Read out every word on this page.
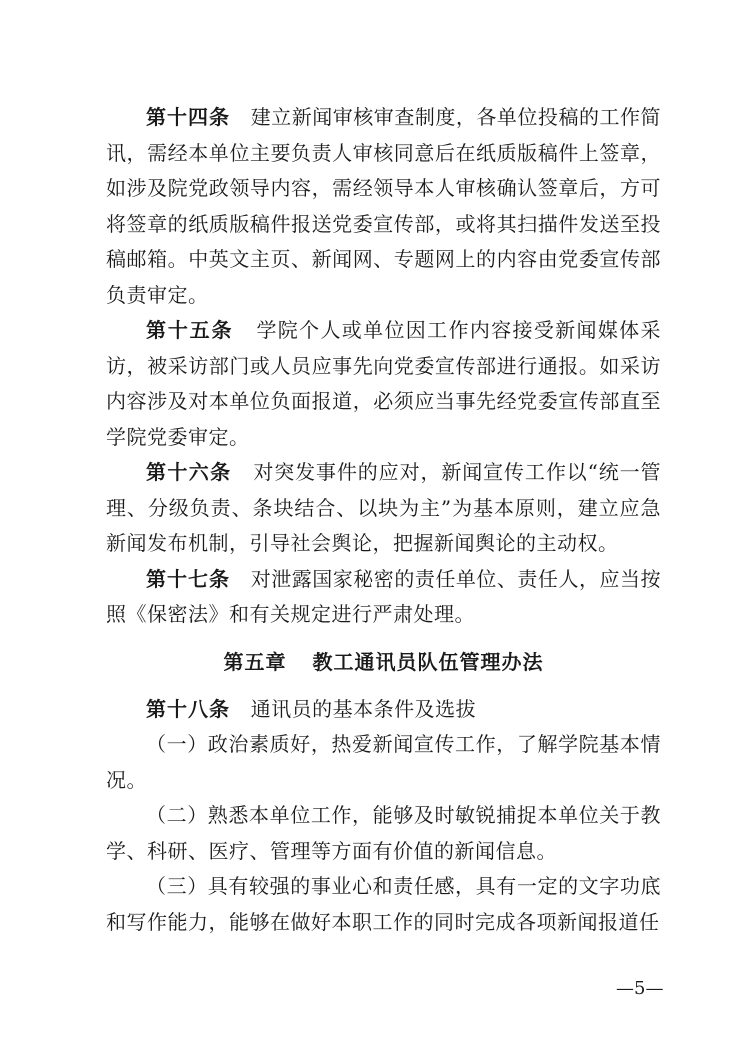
第十四条 建立新闻审核审查制度，各单位投稿的工作简讯，需经本单位主要负责人审核同意后在纸质版稿件上签章，如涉及院党政领导内容，需经领导本人审核确认签章后，方可将签章的纸质版稿件报送党委宣传部，或将其扫描件发送至投稿邮箱。中英文主页、新闻网、专题网上的内容由党委宣传部负责审定。

第十五条 学院个人或单位因工作内容接受新闻媒体采访，被采访部门或人员应事先向党委宣传部进行通报。如采访内容涉及对本单位负面报道，必须应当事先经党委宣传部直至学院党委审定。

第十六条 对突发事件的应对，新闻宣传工作以“统一管理、分级负责、条块结合、以块为主”为基本原则，建立应急新闻发布机制，引导社会舆论，把握新闻舆论的主动权。

第十七条 对泄露国家秘密的责任单位、责任人，应当按照《保密法》和有关规定进行严肃处理。

第五章 教工通讯员队伍管理办法

第十八条 通讯员的基本条件及选拔

（一）政治素质好，热爱新闻宣传工作，了解学院基本情况。

（二）熟悉本单位工作，能够及时敏锐捕捉本单位关于教学、科研、医疗、管理等方面有价值的新闻信息。

（三）具有较强的事业心和责任感，具有一定的文字功底和写作能力，能够在做好本职工作的同时完成各项新闻报道任

—5—
